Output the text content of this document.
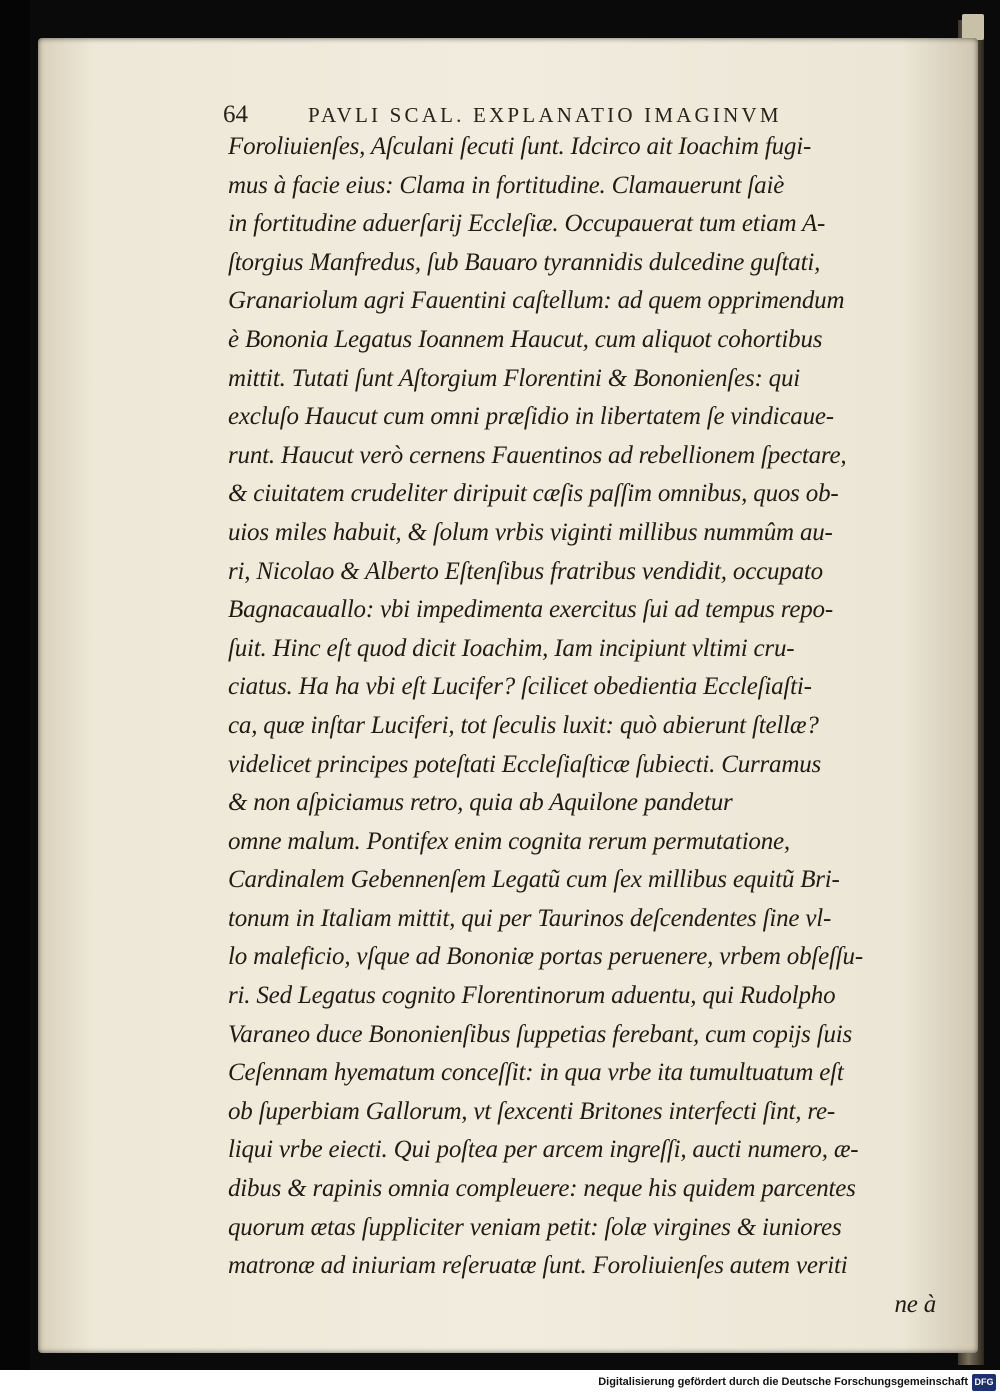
64	PAVLI SCAL. EXPLANATIO IMAGINVM
Foroliuienſes, Aſculani ſecuti ſunt. Idcirco ait Ioachim fugi-
mus à facie eius: Clama in fortitudine. Clamauerunt ſaiè
in fortitudine aduerſarij Eccleſiæ. Occupauerat tum etiam A-
ſtorgius Manfredus, ſub Bauaro tyrannidis dulcedine guſtati,
Granariolum agri Fauentini caſtellum: ad quem opprimendum
è Bononia Legatus Ioannem Haucut, cum aliquot cohortibus
mittit. Tutati ſunt Aſtorgium Florentini & Bononienſes: qui
excluſo Haucut cum omni præſidio in libertatem ſe vindicaue-
runt. Haucut verò cernens Fauentinos ad rebellionem ſpectare,
& ciuitatem crudeliter diripuit cæſis paſſim omnibus, quos ob-
uios miles habuit, & ſolum vrbis viginti millibus nummûm au-
ri, Nicolao & Alberto Eſtenſibus fratribus vendidit, occupato
Bagnacauallo: vbi impedimenta exercitus ſui ad tempus repo-
ſuit. Hinc eſt quod dicit Ioachim, Iam incipiunt vltimi cru-
ciatus. Ha ha vbi eſt Lucifer? ſcilicet obedientia Eccleſiaſti-
ca, quæ inſtar Luciferi, tot ſeculis luxit: quò abierunt ſtellæ?
videlicet principes poteſtati Eccleſiaſticæ ſubiecti. Curramus
& non aſpiciamus retro, quia ab Aquilone pandetur
omne malum. Pontifex enim cognita rerum permutatione,
Cardinalem Gebennenſem Legatũ cum ſex millibus equitũ Bri-
tonum in Italiam mittit, qui per Taurinos deſcendentes ſine vl-
lo maleficio, vſque ad Bononiæ portas peruenere, vrbem obſeſſu-
ri. Sed Legatus cognito Florentinorum aduentu, qui Rudolpho
Varaneo duce Bononienſibus ſuppetias ferebant, cum copijs ſuis
Ceſennam hyematum conceſſit: in qua vrbe ita tumultuatum eſt
ob ſuperbiam Gallorum, vt ſexcenti Britones interfecti ſint, re-
liqui vrbe eiecti. Qui poſtea per arcem ingreſſi, aucti numero, æ-
dibus & rapinis omnia compleuere: neque his quidem parcentes
quorum ætas ſuppliciter veniam petit: ſolæ virgines & iuniores
matronæ ad iniuriam reſeruatæ ſunt. Foroliuienſes autem veriti
ne à
Digitalisierung gefördert durch die Deutsche Forschungsgemeinschaft DFG
